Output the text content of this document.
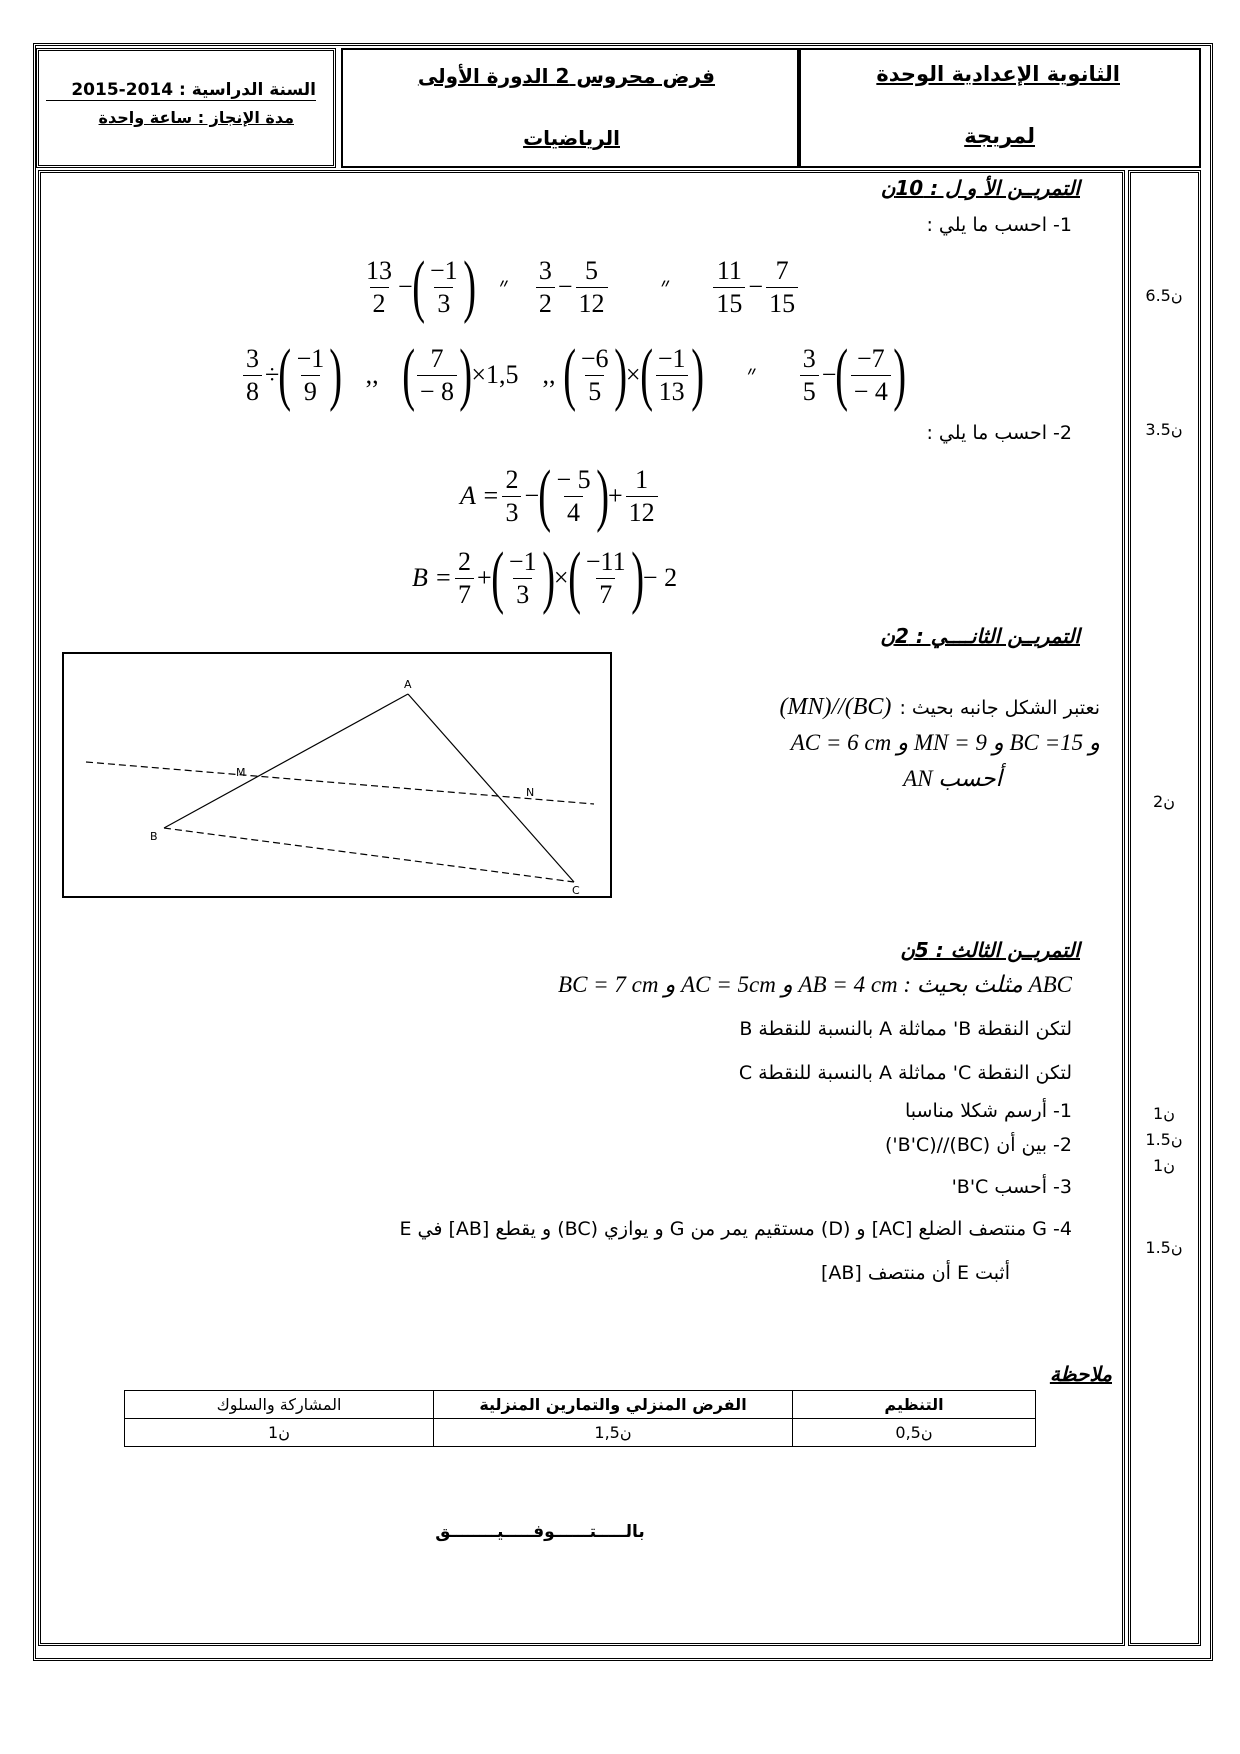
الثانوية الإعدادية الوحدة
لمريجة
فرض محروس 2 الدورة الأولى
الرياضيات
السنة الدراسية : 2014-2015
مدة الإنجاز : ساعة واحدة
التمريــن الأ و ل : 10ن
1- احسب ما يلي :
6.5ن
$\frac{13}{2}$ − ( $\frac{-1}{3}$ ) ״ $\frac{3}{2} - \frac{5}{12}$ ״ $\frac{11}{15} - \frac{7}{15}$
$\frac{3}{8}$ ÷ ( $\frac{-1}{9}$ ) ,, ( $\frac{7}{- 8}$ ) ×1,5 ,, ( $\frac{-6}{5}$ ) × ( $\frac{-1}{13}$ ) ״ $\frac{3}{5}$ − ( $\frac{-7}{- 4}$ )
2- احسب ما يلي :	3.5ن
$A = \frac{2}{3}$ − ( $\frac{- 5}{4}$ ) + $\frac{1}{12}$
$B = \frac{2}{7}$ + ( $\frac{-1}{3}$ ) × ( $\frac{-11}{7}$ ) − 2
التمريــن الثانــــي : 2ن
2ن
A
B
C
M
N
نعتبر الشكل جانبه بحيث :
(MN)//(BC)
و BC =15 و MN = 9 و AC = 6 cm
أحسب AN
التمريــن الثالث : 5ن
ABC مثلث بحيث : AB = 4 cm و AC = 5cm و BC = 7 cm
لتكن النقطة B' مماثلة A بالنسبة للنقطة B
لتكن النقطة C' مماثلة A بالنسبة للنقطة C
1- أرسم شكلا مناسبا
2- بين أن (BC)//(B'C')
3- أحسب B'C'
4- G منتصف الضلع [AC] و (D) مستقيم يمر من G و يوازي (BC) و يقطع [AB] في E
أثبت E أن منتصف [AB]
1ن
1.5ن
1ن
1.5ن
ملاحظة
المشاركة والسلوك	الفرض المنزلي والتمارين المنزلية	التنظيم
1ن	1,5ن	0,5ن
بالـــــتــــــوفـــــيــــــــق
